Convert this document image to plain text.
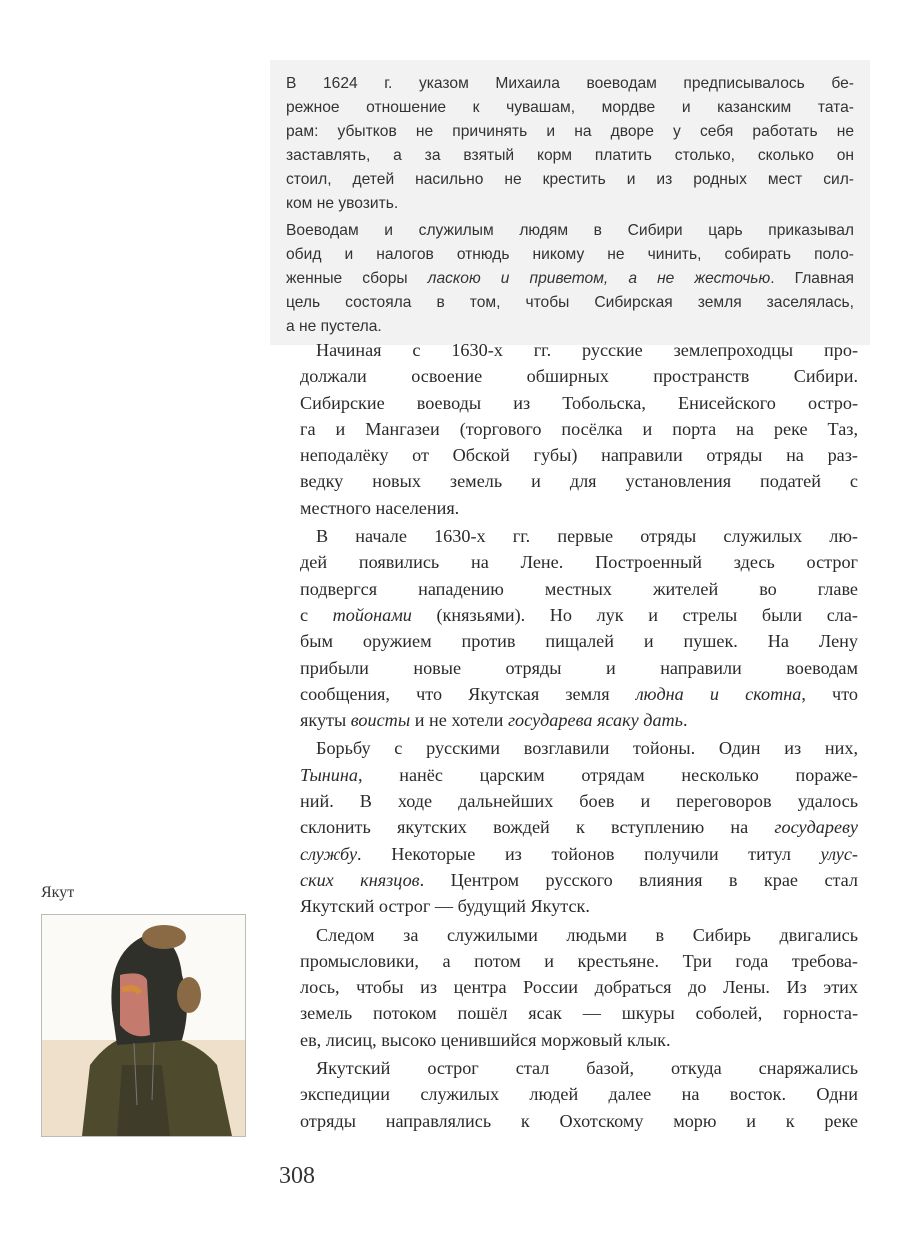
В 1624 г. указом Михаила воеводам предписывалось бе-
режное отношение к чувашам, мордве и казанским тата-
рам: убытков не причинять и на дворе у себя работать не
заставлять, а за взятый корм платить столько, сколько он
стоил, детей насильно не крестить и из родных мест сил-
ком не увозить.
Воеводам и служилым людям в Сибири царь приказывал
обид и налогов отнюдь никому не чинить, собирать поло-
женные сборы ласкою и приветом, а не жесточью. Главная
цель состояла в том, чтобы Сибирская земля заселялась,
а не пустела.
Начиная с 1630-х гг. русские землепроходцы про-
должали освоение обширных пространств Сибири.
Сибирские воеводы из Тобольска, Енисейского остро-
га и Мангазеи (торгового посёлка и порта на реке Таз,
неподалёку от Обской губы) направили отряды на раз-
ведку новых земель и для установления податей с
местного населения.
В начале 1630-х гг. первые отряды служилых лю-
дей появились на Лене. Построенный здесь острог
подвергся нападению местных жителей во главе
с тойонами (князьями). Но лук и стрелы были сла-
бым оружием против пищалей и пушек. На Лену
прибыли новые отряды и направили воеводам
сообщения, что Якутская земля людна и скотна, что
якуты воисты и не хотели государева ясаку дать.
Борьбу с русскими возглавили тойоны. Один из них,
Тынина, нанёс царским отрядам несколько пораже-
ний. В ходе дальнейших боев и переговоров удалось
склонить якутских вождей к вступлению на государеву
службу. Некоторые из тойонов получили титул улус-
ских князцов. Центром русского влияния в крае стал
Якутский острог — будущий Якутск.
Следом за служилыми людьми в Сибирь двигались
промысловики, а потом и крестьяне. Три года требова-
лось, чтобы из центра России добраться до Лены. Из этих
земель потоком пошёл ясак — шкуры соболей, горноста-
ев, лисиц, высоко ценившийся моржовый клык.
Якутский острог стал базой, откуда снаряжались
экспедиции служилых людей далее на восток. Одни
отряды направлялись к Охотскому морю и к реке
Якут
308
